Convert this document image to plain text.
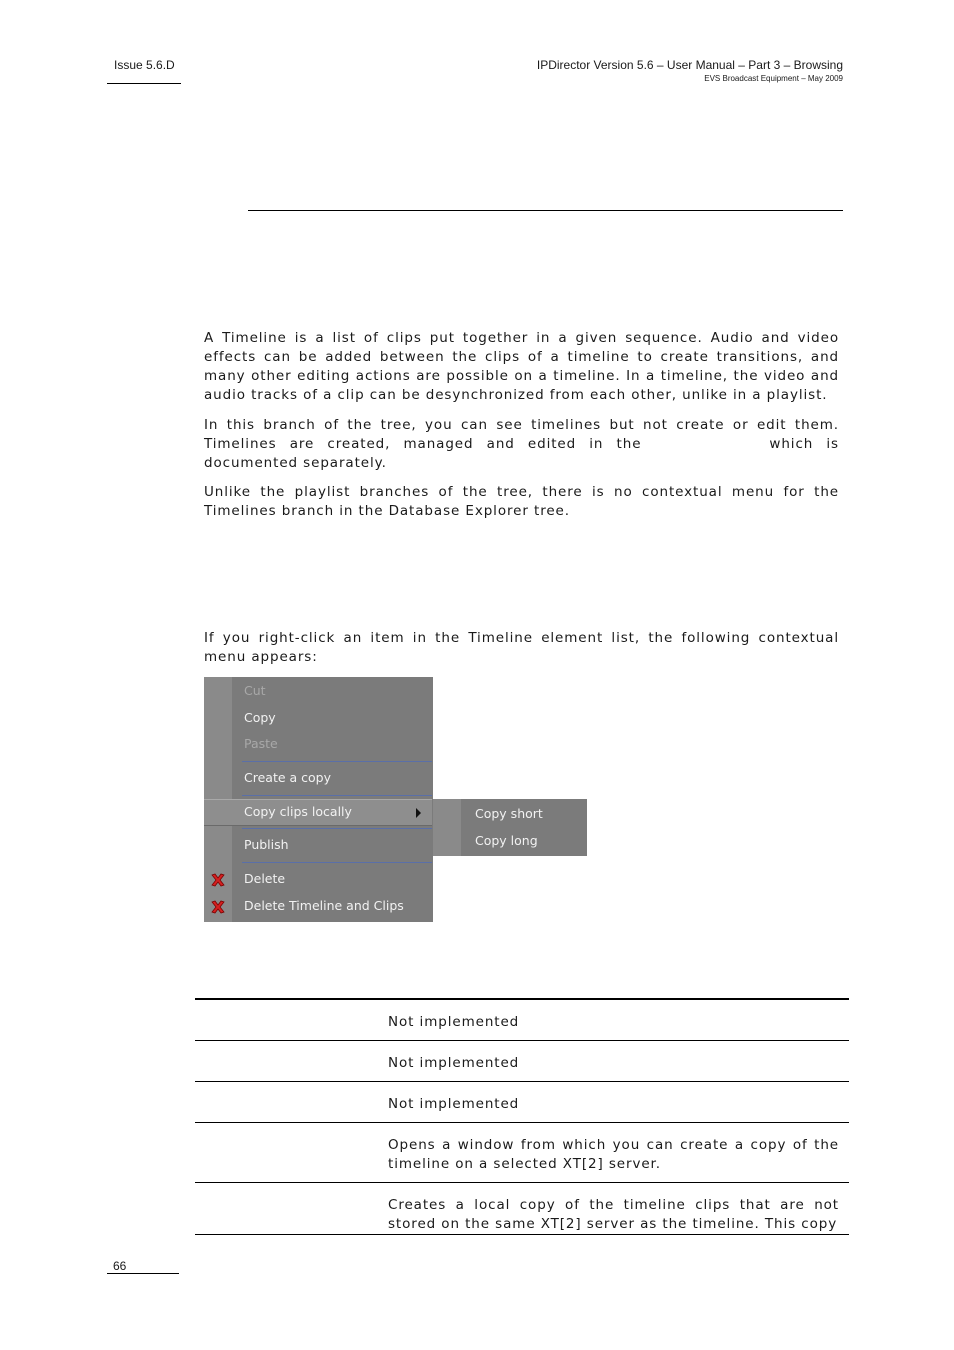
Issue 5.6.D	IPDirector Version 5.6 – User Manual – Part 3 – Browsing
EVS Broadcast Equipment – May 2009
A Timeline is a list of clips put together in a given sequence. Audio and video effects can be added between the clips of a timeline to create transitions, and many other editing actions are possible on a timeline. In a timeline, the video and audio tracks of a clip can be desynchronized from each other, unlike in a playlist.
In this branch of the tree, you can see timelines but not create or edit them. Timelines are created, managed and edited in the	which is documented separately.
Unlike the playlist branches of the tree, there is no contextual menu for the Timelines branch in the Database Explorer tree.
If you right-click an item in the Timeline element list, the following contextual menu appears:
Cut
Copy
Paste
Create a copy
Copy clips locally
Publish
Delete
Delete Timeline and Clips
Copy short
Copy long
Not implemented
Not implemented
Not implemented
Opens a window from which you can create a copy of the timeline on a selected XT[2] server.
Creates a local copy of the timeline clips that are not stored on the same XT[2] server as the timeline. This copy
66
